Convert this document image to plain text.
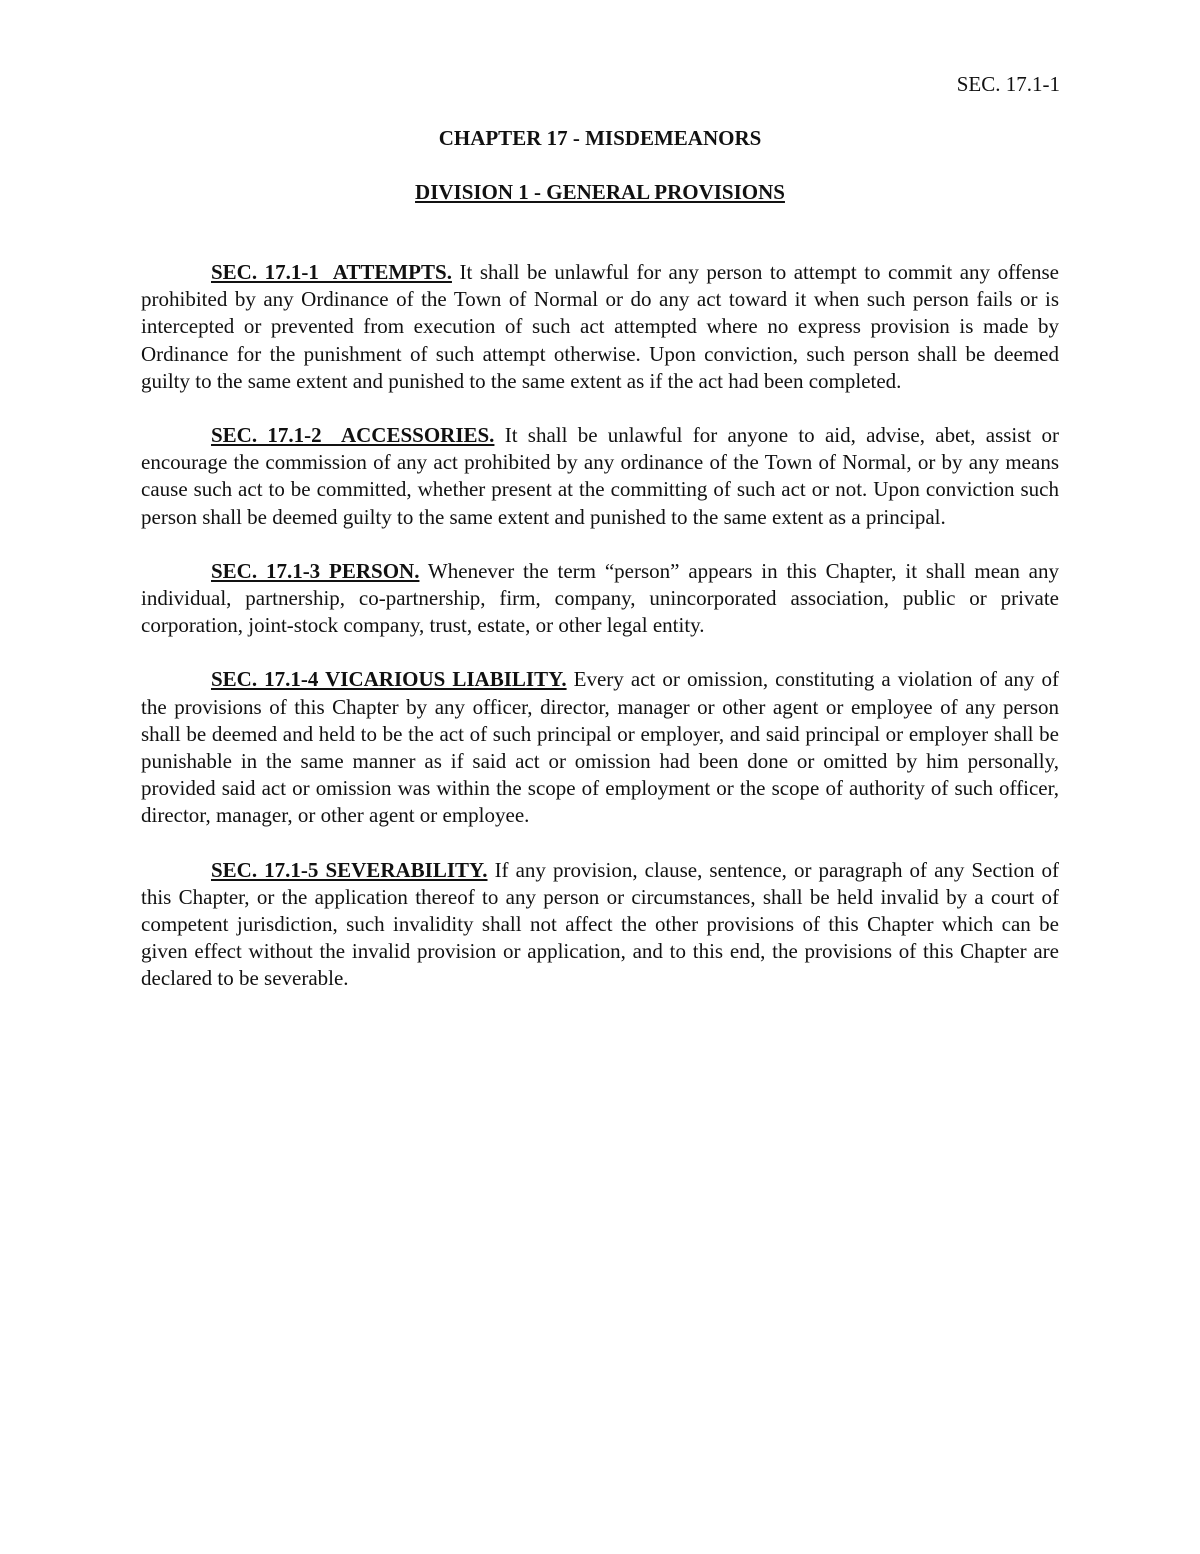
SEC. 17.1-1
CHAPTER 17 - MISDEMEANORS
DIVISION 1 - GENERAL PROVISIONS

SEC. 17.1-1  ATTEMPTS. It shall be unlawful for any person to attempt to commit any offense prohibited by any Ordinance of the Town of Normal or do any act toward it when such person fails or is intercepted or prevented from execution of such act attempted where no express provision is made by Ordinance for the punishment of such attempt otherwise. Upon conviction, such person shall be deemed guilty to the same extent and punished to the same extent as if the act had been completed.

SEC. 17.1-2  ACCESSORIES. It shall be unlawful for anyone to aid, advise, abet, assist or encourage the commission of any act prohibited by any ordinance of the Town of Normal, or by any means cause such act to be committed, whether present at the committing of such act or not. Upon conviction such person shall be deemed guilty to the same extent and punished to the same extent as a principal.

SEC. 17.1-3 PERSON. Whenever the term “person” appears in this Chapter, it shall mean any individual, partnership, co-partnership, firm, company, unincorporated association, public or private corporation, joint-stock company, trust, estate, or other legal entity.

SEC. 17.1-4 VICARIOUS LIABILITY. Every act or omission, constituting a violation of any of the provisions of this Chapter by any officer, director, manager or other agent or employee of any person shall be deemed and held to be the act of such principal or employer, and said principal or employer shall be punishable in the same manner as if said act or omission had been done or omitted by him personally, provided said act or omission was within the scope of employment or the scope of authority of such officer, director, manager, or other agent or employee.

SEC. 17.1-5 SEVERABILITY. If any provision, clause, sentence, or paragraph of any Section of this Chapter, or the application thereof to any person or circumstances, shall be held invalid by a court of competent jurisdiction, such invalidity shall not affect the other provisions of this Chapter which can be given effect without the invalid provision or application, and to this end, the provisions of this Chapter are declared to be severable.
